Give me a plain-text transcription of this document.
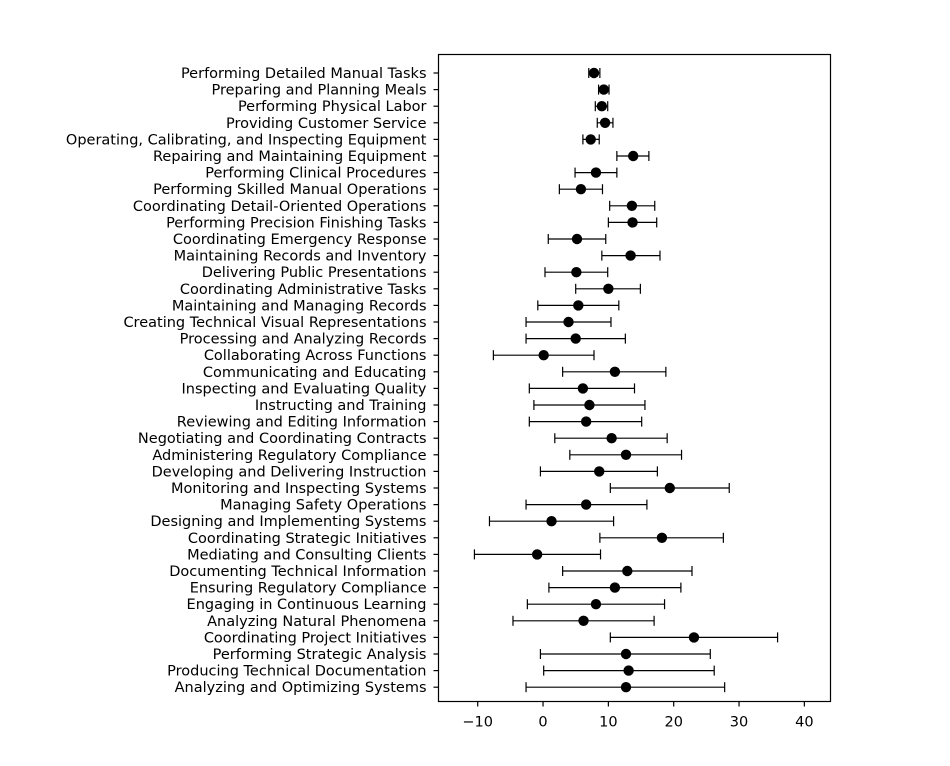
−10	0	10	20	30	40
Performing Detailed Manual Tasks
Preparing and Planning Meals
Performing Physical Labor
Providing Customer Service
Operating, Calibrating, and Inspecting Equipment
Repairing and Maintaining Equipment
Performing Clinical Procedures
Performing Skilled Manual Operations
Coordinating Detail-Oriented Operations
Performing Precision Finishing Tasks
Coordinating Emergency Response
Maintaining Records and Inventory
Delivering Public Presentations
Coordinating Administrative Tasks
Maintaining and Managing Records
Creating Technical Visual Representations
Processing and Analyzing Records
Collaborating Across Functions
Communicating and Educating
Inspecting and Evaluating Quality
Instructing and Training
Reviewing and Editing Information
Negotiating and Coordinating Contracts
Administering Regulatory Compliance
Developing and Delivering Instruction
Monitoring and Inspecting Systems
Managing Safety Operations
Designing and Implementing Systems
Coordinating Strategic Initiatives
Mediating and Consulting Clients
Documenting Technical Information
Ensuring Regulatory Compliance
Engaging in Continuous Learning
Analyzing Natural Phenomena
Coordinating Project Initiatives
Performing Strategic Analysis
Producing Technical Documentation
Analyzing and Optimizing Systems
